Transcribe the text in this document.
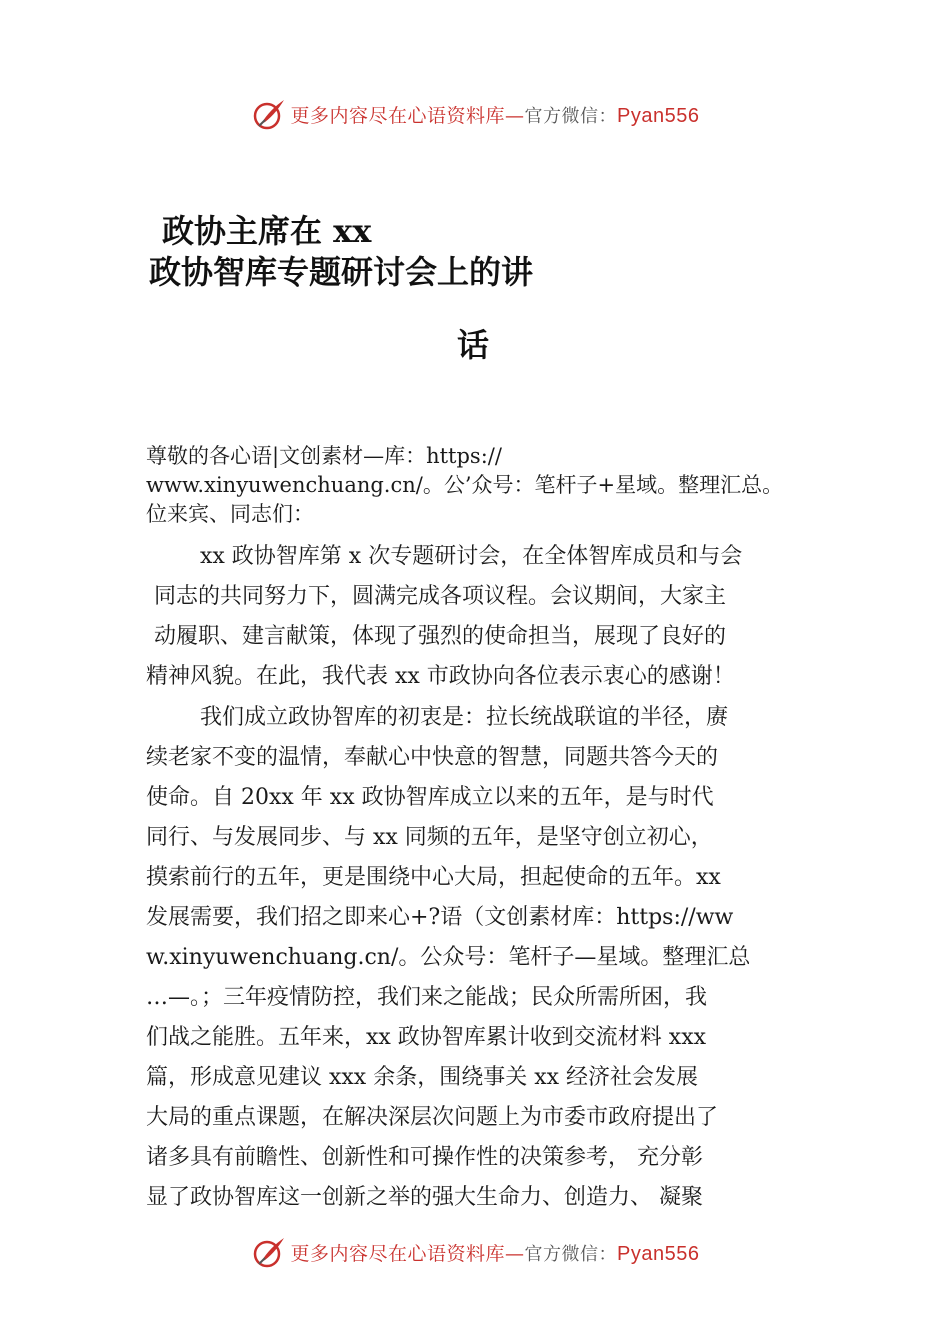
更多内容尽在心语资料库—官方微信：Pyan556
政协主席在 xx
政协智库专题研讨会上的讲
话
尊敬的各心语|文创素材—库：https://
www.xinyuwenchuang.cn/。公’众号：笔杆子+星域。整理汇总。
位来宾、同志们：
xx 政协智库第 x 次专题研讨会，在全体智库成员和与会
同志的共同努力下，圆满完成各项议程。会议期间，大家主
动履职、建言献策，体现了强烈的使命担当，展现了良好的
精神风貌。在此，我代表 xx 市政协向各位表示衷心的感谢！
我们成立政协智库的初衷是：拉长统战联谊的半径，赓
续老家不变的温情，奉献心中快意的智慧，同题共答今天的
使命。自 20xx 年 xx 政协智库成立以来的五年，是与时代
同行、与发展同步、与 xx 同频的五年，是坚守创立初心，
摸索前行的五年，更是围绕中心大局，担起使命的五年。xx
发展需要，我们招之即来心+?语（文创素材库：https://ww
w.xinyuwenchuang.cn/。公众号：笔杆子—星域。整理汇总
…—。；三年疫情防控，我们来之能战；民众所需所困，我
们战之能胜。五年来，xx 政协智库累计收到交流材料 xxx
篇，形成意见建议 xxx 余条，围绕事关 xx 经济社会发展
大局的重点课题，在解决深层次问题上为市委市政府提出了
诸多具有前瞻性、创新性和可操作性的决策参考， 充分彰
显了政协智库这一创新之举的强大生命力、创造力、 凝聚
更多内容尽在心语资料库—官方微信：Pyan556
